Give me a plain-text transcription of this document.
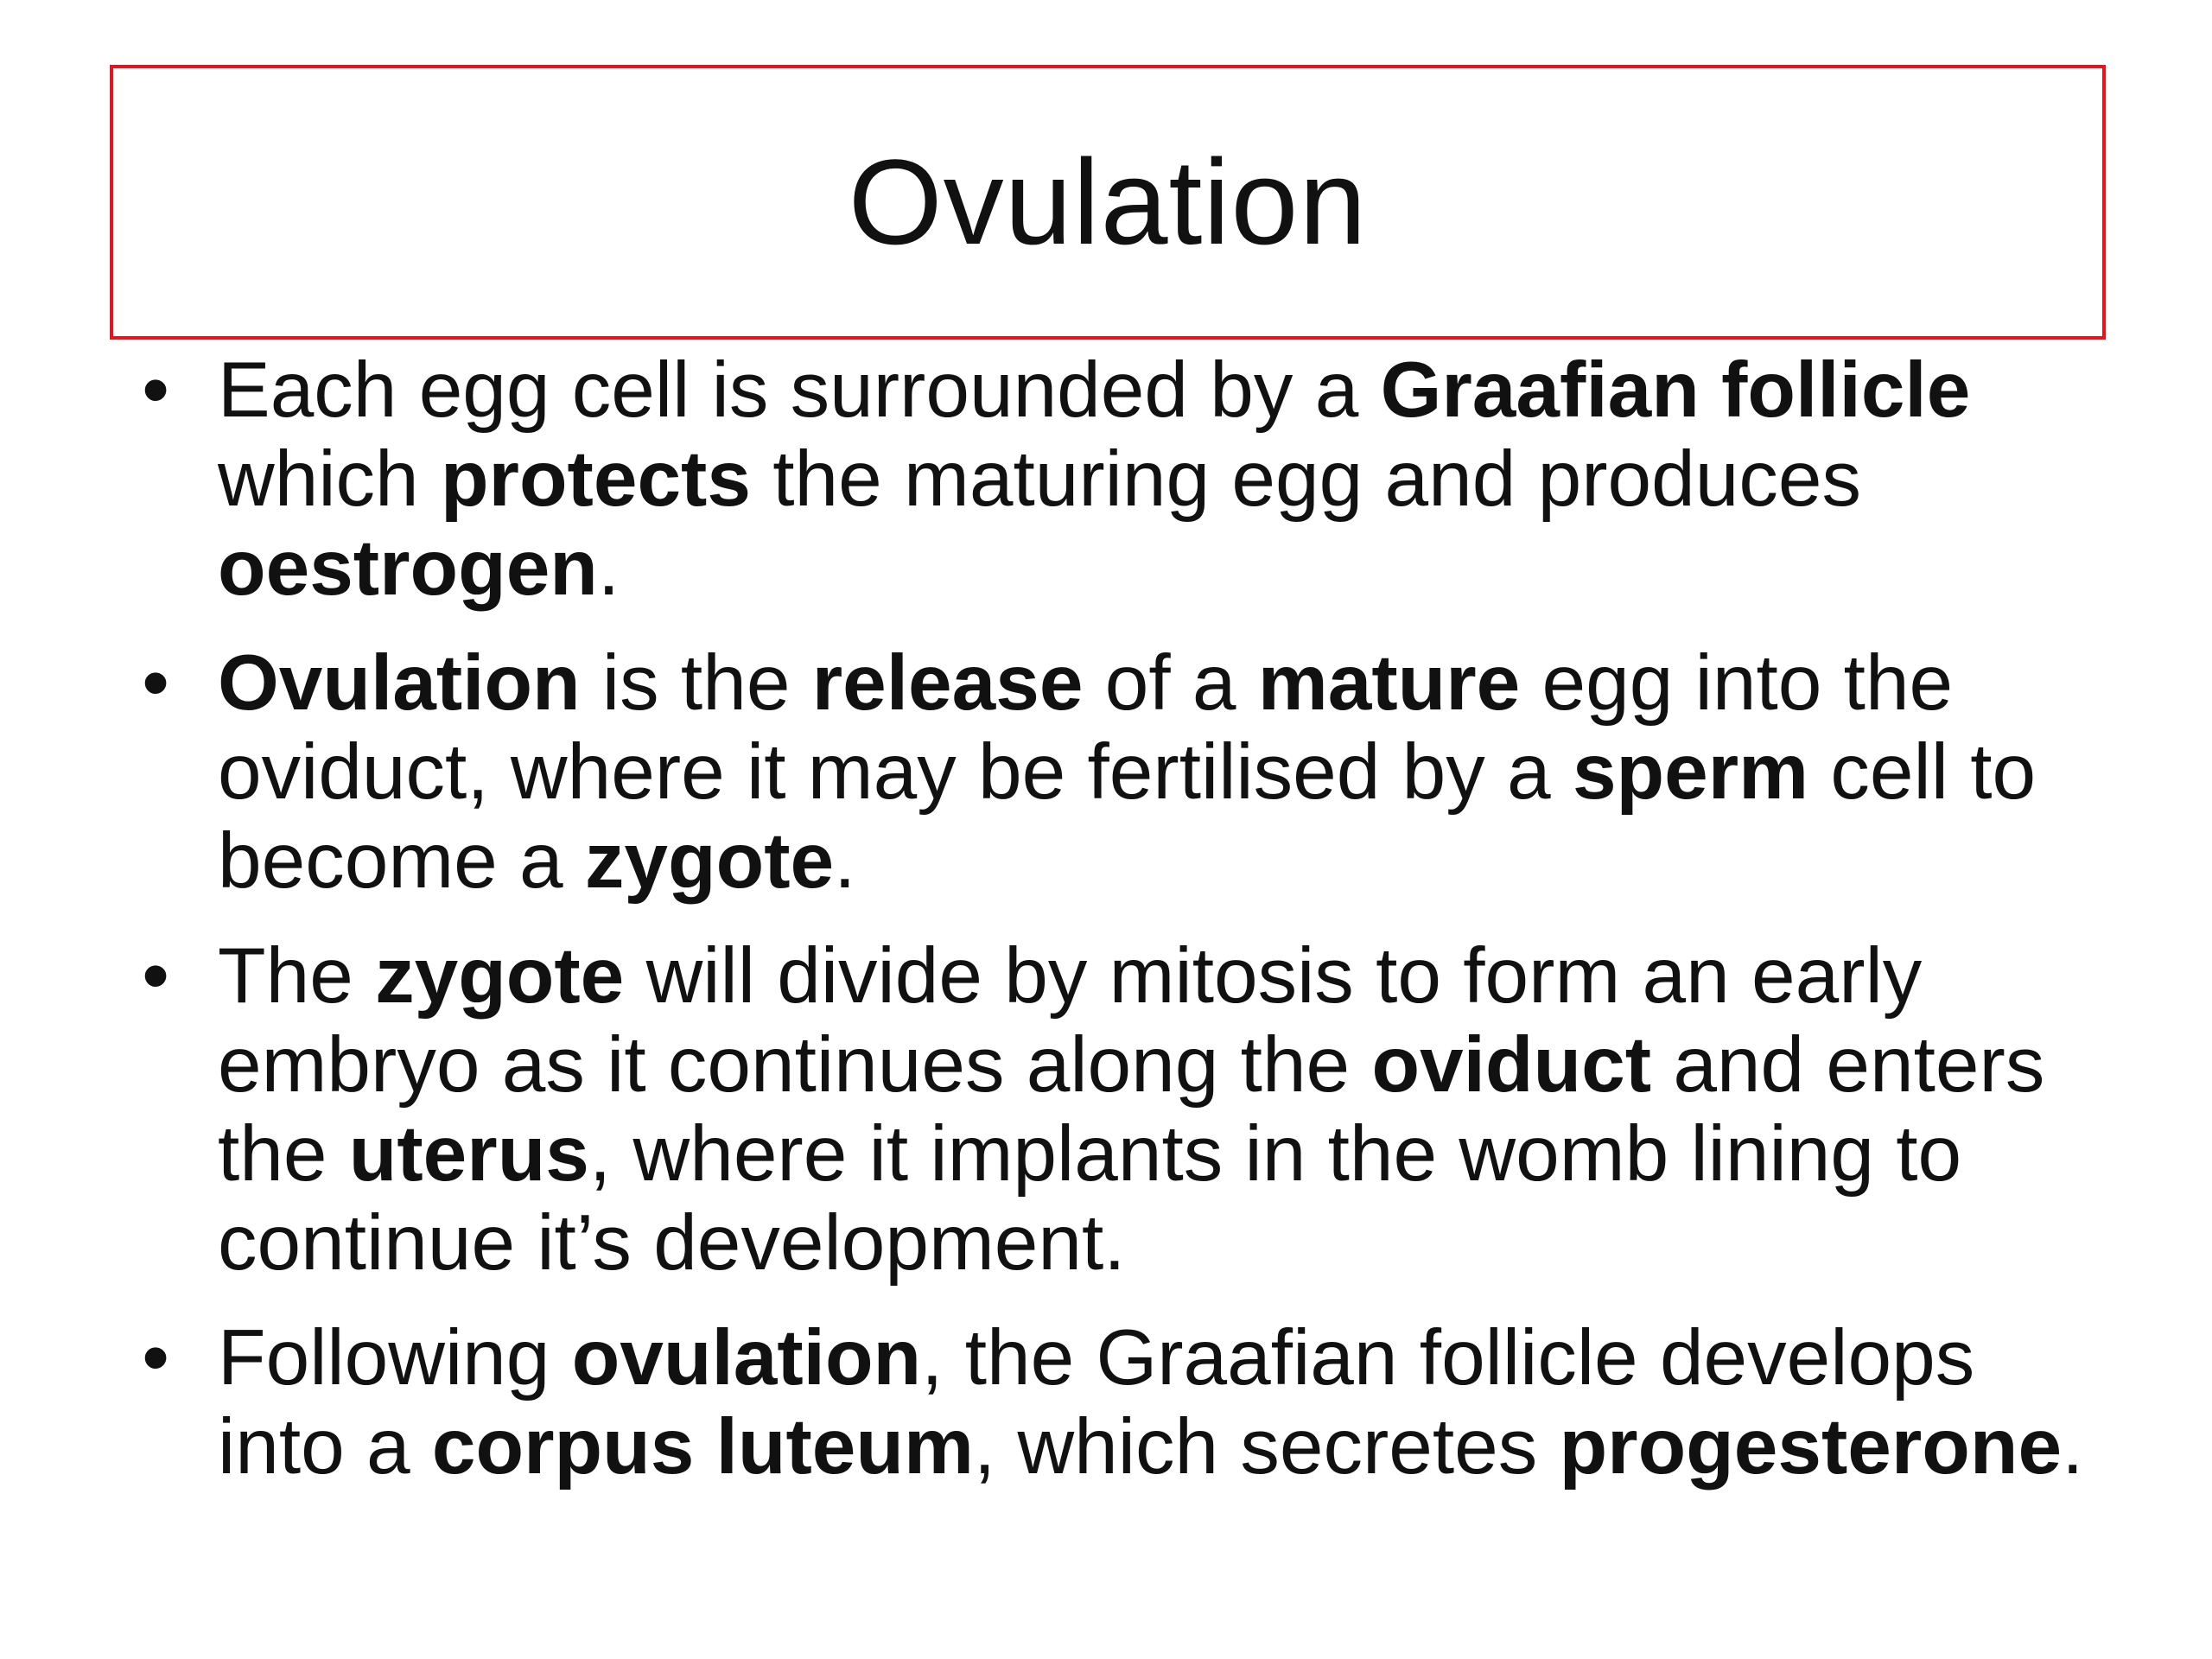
Ovulation
• Each egg cell is surrounded by a Graafian follicle which protects the maturing egg and produces oestrogen.
• Ovulation is the release of a mature egg into the oviduct, where it may be fertilised by a sperm cell to become a zygote.
• The zygote will divide by mitosis to form an early embryo as it continues along the oviduct and enters the uterus, where it implants in the womb lining to continue it’s development.
• Following ovulation, the Graafian follicle develops into a corpus luteum, which secretes progesterone.
